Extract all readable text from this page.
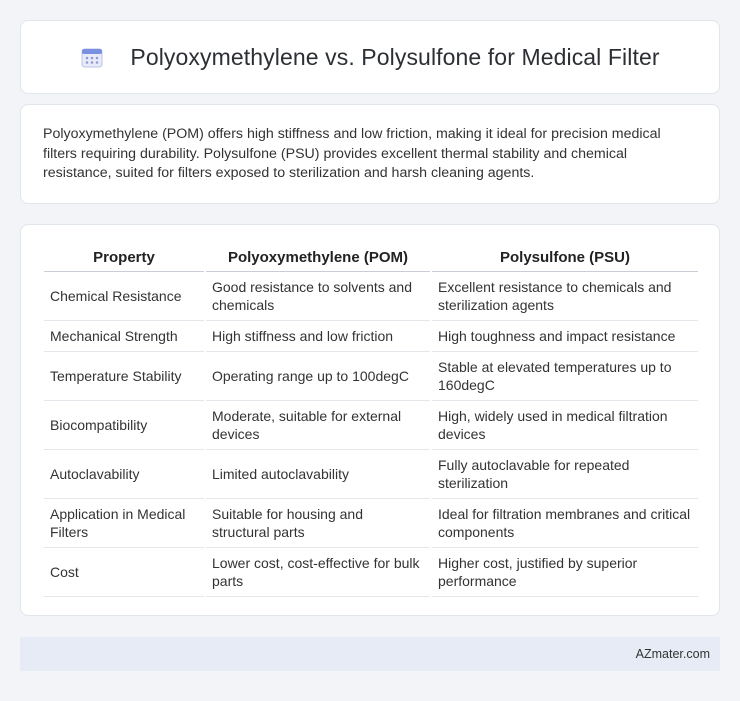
Polyoxymethylene vs. Polysulfone for Medical Filter

Polyoxymethylene (POM) offers high stiffness and low friction, making it ideal for precision medical filters requiring durability. Polysulfone (PSU) provides excellent thermal stability and chemical resistance, suited for filters exposed to sterilization and harsh cleaning agents.

Property	Polyoxymethylene (POM)	Polysulfone (PSU)
Chemical Resistance	Good resistance to solvents and chemicals	Excellent resistance to chemicals and sterilization agents
Mechanical Strength	High stiffness and low friction	High toughness and impact resistance
Temperature Stability	Operating range up to 100degC	Stable at elevated temperatures up to 160degC
Biocompatibility	Moderate, suitable for external devices	High, widely used in medical filtration devices
Autoclavability	Limited autoclavability	Fully autoclavable for repeated sterilization
Application in Medical Filters	Suitable for housing and structural parts	Ideal for filtration membranes and critical components
Cost	Lower cost, cost-effective for bulk parts	Higher cost, justified by superior performance
AZmater.com
